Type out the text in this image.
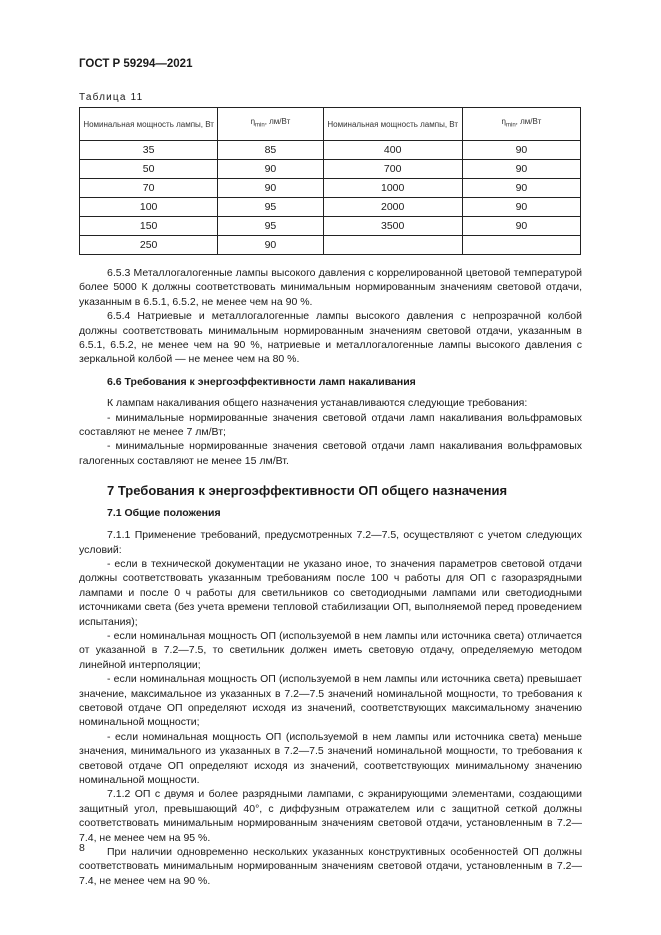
ГОСТ Р 59294—2021
Таблица 11
Номинальная мощность лампы, Вт	$\eta_{min}$, лм/Вт	Номинальная мощность лампы, Вт	$\eta_{min}$, лм/Вт
35	85	400	90
50	90	700	90
70	90	1000	90
100	95	2000	90
150	95	3500	90
250	90		

6.5.3 Металлогалогенные лампы высокого давления с коррелированной цветовой температурой более 5000 К должны соответствовать минимальным нормированным значениям световой отдачи, указанным в 6.5.1, 6.5.2, не менее чем на 90 %.

6.5.4 Натриевые и металлогалогенные лампы высокого давления с непрозрачной колбой должны соответствовать минимальным нормированным значениям световой отдачи, указанным в 6.5.1, 6.5.2, не менее чем на 90 %, натриевые и металлогалогенные лампы высокого давления с зеркальной колбой — не менее чем на 80 %.

6.6 Требования к энергоэффективности ламп накаливания

К лампам накаливания общего назначения устанавливаются следующие требования:

- минимальные нормированные значения световой отдачи ламп накаливания вольфрамовых составляют не менее 7 лм/Вт;

- минимальные нормированные значения световой отдачи ламп накаливания вольфрамовых галогенных составляют не менее 15 лм/Вт.

7 Требования к энергоэффективности ОП общего назначения
7.1 Общие положения

7.1.1 Применение требований, предусмотренных 7.2—7.5, осуществляют с учетом следующих условий:

- если в технической документации не указано иное, то значения параметров световой отдачи должны соответствовать указанным требованиям после 100 ч работы для ОП с газоразрядными лампами и после 0 ч работы для светильников со светодиодными лампами или светодиодными источниками света (без учета времени тепловой стабилизации ОП, выполняемой перед проведением испытания);

- если номинальная мощность ОП (используемой в нем лампы или источника света) отличается от указанной в 7.2—7.5, то светильник должен иметь световую отдачу, определяемую методом линейной интерполяции;

- если номинальная мощность ОП (используемой в нем лампы или источника света) превышает значение, максимальное из указанных в 7.2—7.5 значений номинальной мощности, то требования к световой отдаче ОП определяют исходя из значений, соответствующих максимальному значению номинальной мощности;

- если номинальная мощность ОП (используемой в нем лампы или источника света) меньше значения, минимального из указанных в 7.2—7.5 значений номинальной мощности, то требования к световой отдаче ОП определяют исходя из значений, соответствующих минимальному значению номинальной мощности.

7.1.2 ОП с двумя и более разрядными лампами, с экранирующими элементами, создающими защитный угол, превышающий 40°, с диффузным отражателем или с защитной сеткой должны соответствовать минимальным нормированным значениям световой отдачи, установленным в 7.2—7.4, не менее чем на 95 %.

При наличии одновременно нескольких указанных конструктивных особенностей ОП должны соответствовать минимальным нормированным значениям световой отдачи, установленным в 7.2—7.4, не менее чем на 90 %.

8
